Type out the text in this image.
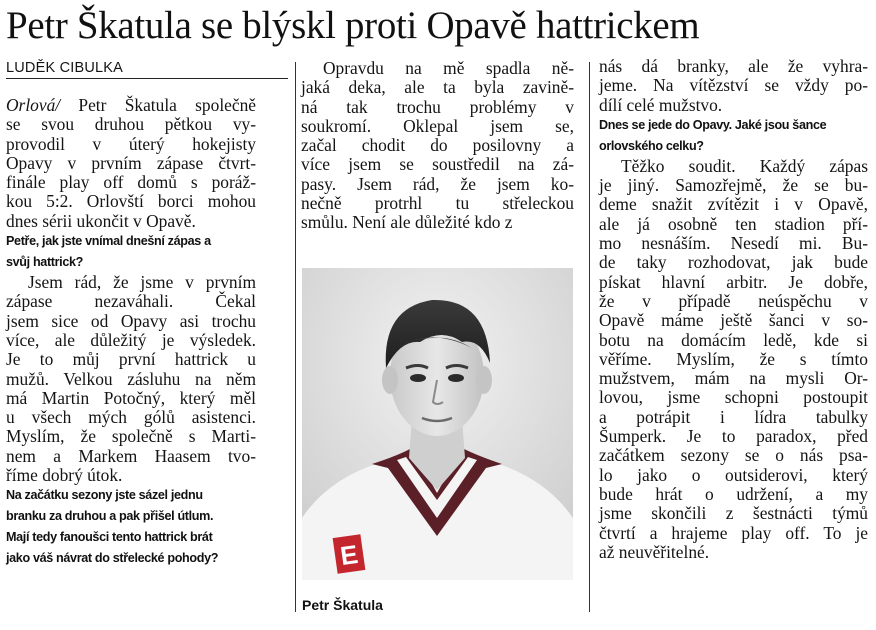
Petr Škatula se blýskl proti Opavě hattrickem
LUDĚK CIBULKA
Orlová/ Petr Škatula společně
se svou druhou pětkou vy-
provodil v úterý hokejisty
Opavy v prvním zápase čtvrt-
finále play off domů s poráž-
kou 5:2. Orlovští borci mohou
dnes sérii ukončit v Opavě.
Petře, jak jste vnímal dnešní zápas a
svůj hattrick?
Jsem rád, že jsme v prvním
zápase nezaváhali. Čekal
jsem sice od Opavy asi trochu
více, ale důležitý je výsledek.
Je to můj první hattrick u
mužů. Velkou zásluhu na něm
má Martin Potočný, který měl
u všech mých gólů asistenci.
Myslím, že společně s Marti-
nem a Markem Haasem tvo-
říme dobrý útok.
Na začátku sezony jste sázel jednu
branku za druhou a pak přišel útlum.
Mají tedy fanoušci tento hattrick brát
jako váš návrat do střelecké pohody?
Opravdu na mě spadla ně-
jaká deka, ale ta byla zavině-
ná tak trochu problémy v
soukromí. Oklepal jsem se,
začal chodit do posilovny a
více jsem se soustředil na zá-
pasy. Jsem rád, že jsem ko-
nečně protrhl tu střeleckou
smůlu. Není ale důležité kdo z
E
Petr Škatula
nás dá branky, ale že vyhra-
jeme. Na vítězství se vždy po-
dílí celé mužstvo.
Dnes se jede do Opavy. Jaké jsou šance
orlovského celku?
Těžko soudit. Každý zápas
je jiný. Samozřejmě, že se bu-
deme snažit zvítězit i v Opavě,
ale já osobně ten stadion pří-
mo nesnáším. Nesedí mi. Bu-
de taky rozhodovat, jak bude
pískat hlavní arbitr. Je dobře,
že v případě neúspěchu v
Opavě máme ještě šanci v so-
botu na domácím ledě, kde si
věříme. Myslím, že s tímto
mužstvem, mám na mysli Or-
lovou, jsme schopni postoupit
a potrápit i lídra tabulky
Šumperk. Je to paradox, před
začátkem sezony se o nás psa-
lo jako o outsiderovi, který
bude hrát o udržení, a my
jsme skončili z šestnácti týmů
čtvrtí a hrajeme play off. To je
až neuvěřitelné.
